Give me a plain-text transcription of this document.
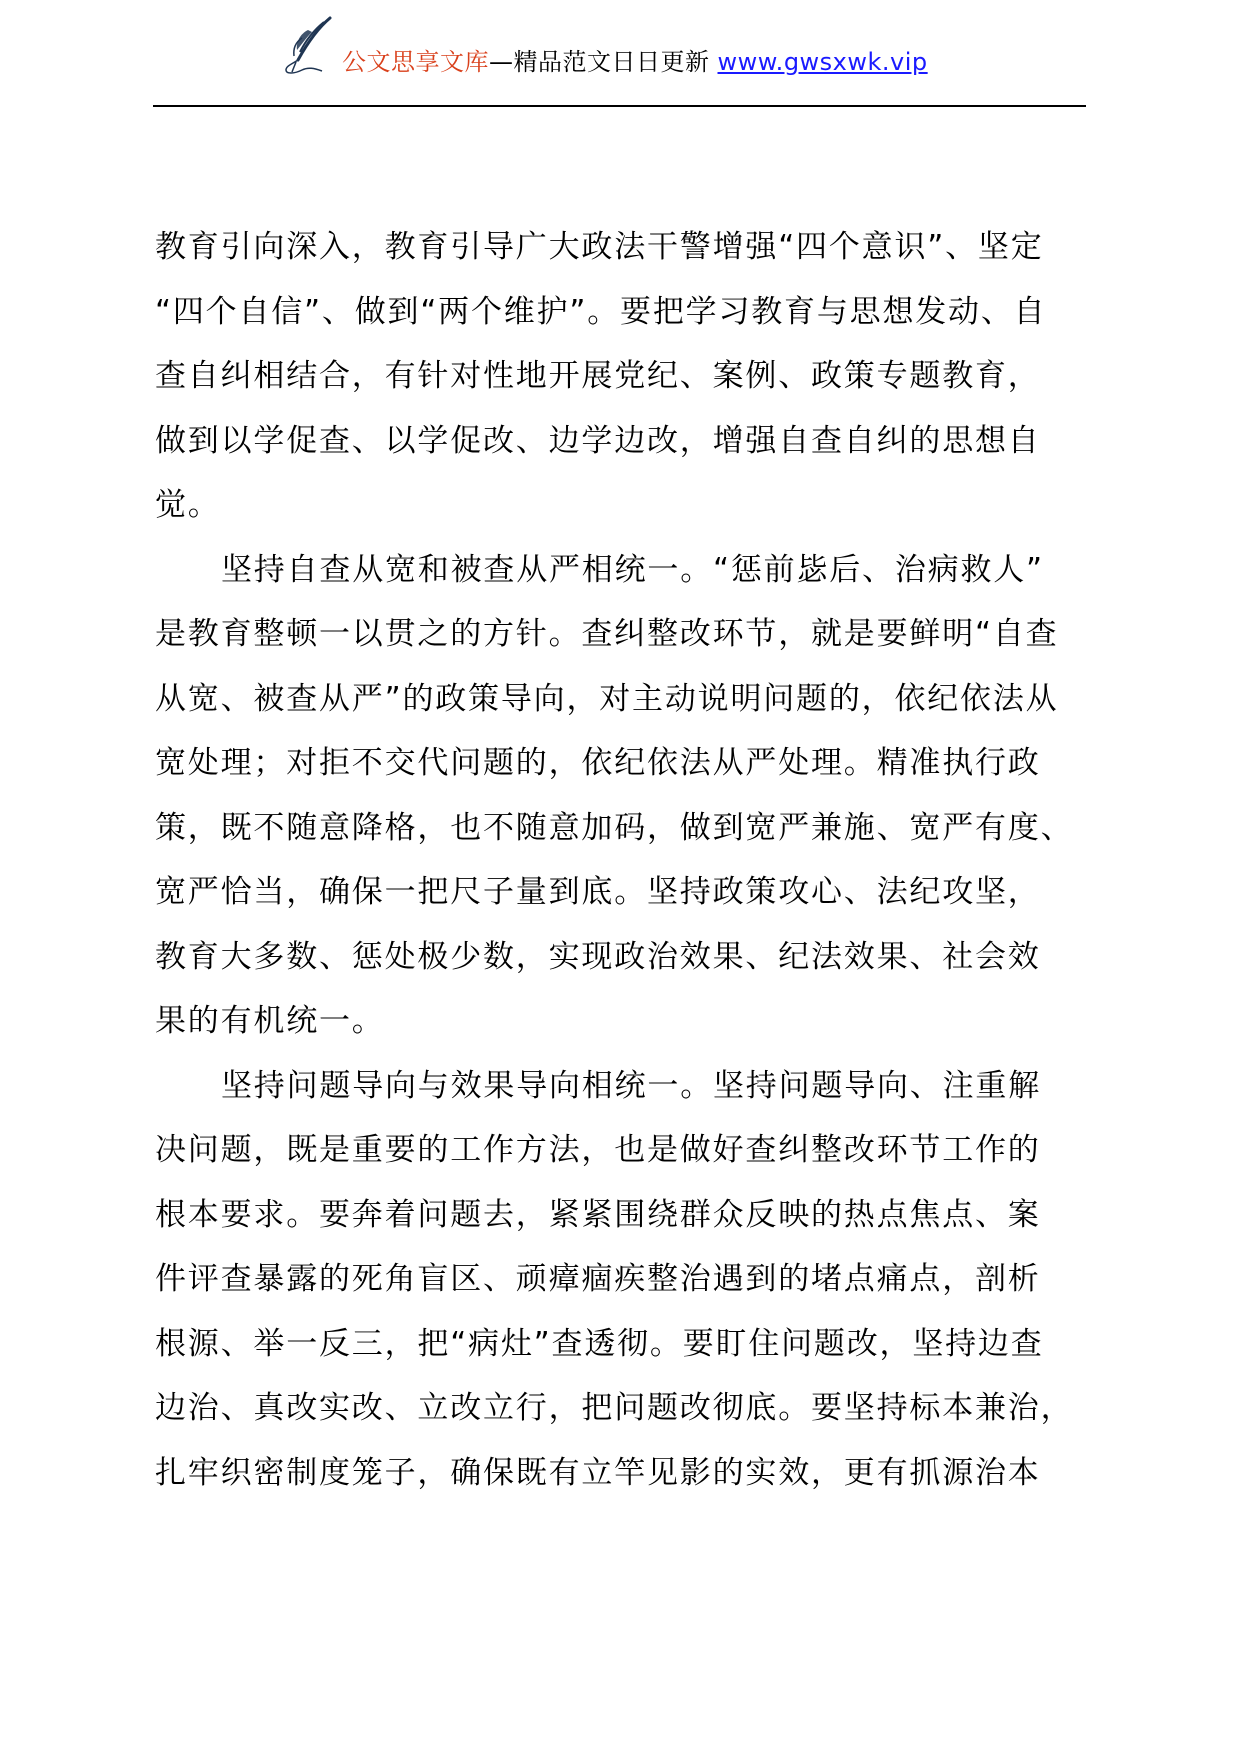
公文思享文库—精品范文日日更新 www.gwsxwk.vip
教育引向深入，教育引导广大政法干警增强“四个意识”、坚定
“四个自信”、做到“两个维护”。要把学习教育与思想发动、自
查自纠相结合，有针对性地开展党纪、案例、政策专题教育，
做到以学促查、以学促改、边学边改，增强自查自纠的思想自
觉。
坚持自查从宽和被查从严相统一。“惩前毖后、治病救人”
是教育整顿一以贯之的方针。查纠整改环节，就是要鲜明“自查
从宽、被查从严”的政策导向，对主动说明问题的，依纪依法从
宽处理；对拒不交代问题的，依纪依法从严处理。精准执行政
策，既不随意降格，也不随意加码，做到宽严兼施、宽严有度、
宽严恰当，确保一把尺子量到底。坚持政策攻心、法纪攻坚，
教育大多数、惩处极少数，实现政治效果、纪法效果、社会效
果的有机统一。
坚持问题导向与效果导向相统一。坚持问题导向、注重解
决问题，既是重要的工作方法，也是做好查纠整改环节工作的
根本要求。要奔着问题去，紧紧围绕群众反映的热点焦点、案
件评查暴露的死角盲区、顽瘴痼疾整治遇到的堵点痛点，剖析
根源、举一反三，把“病灶”查透彻。要盯住问题改，坚持边查
边治、真改实改、立改立行，把问题改彻底。要坚持标本兼治，
扎牢织密制度笼子，确保既有立竿见影的实效，更有抓源治本
